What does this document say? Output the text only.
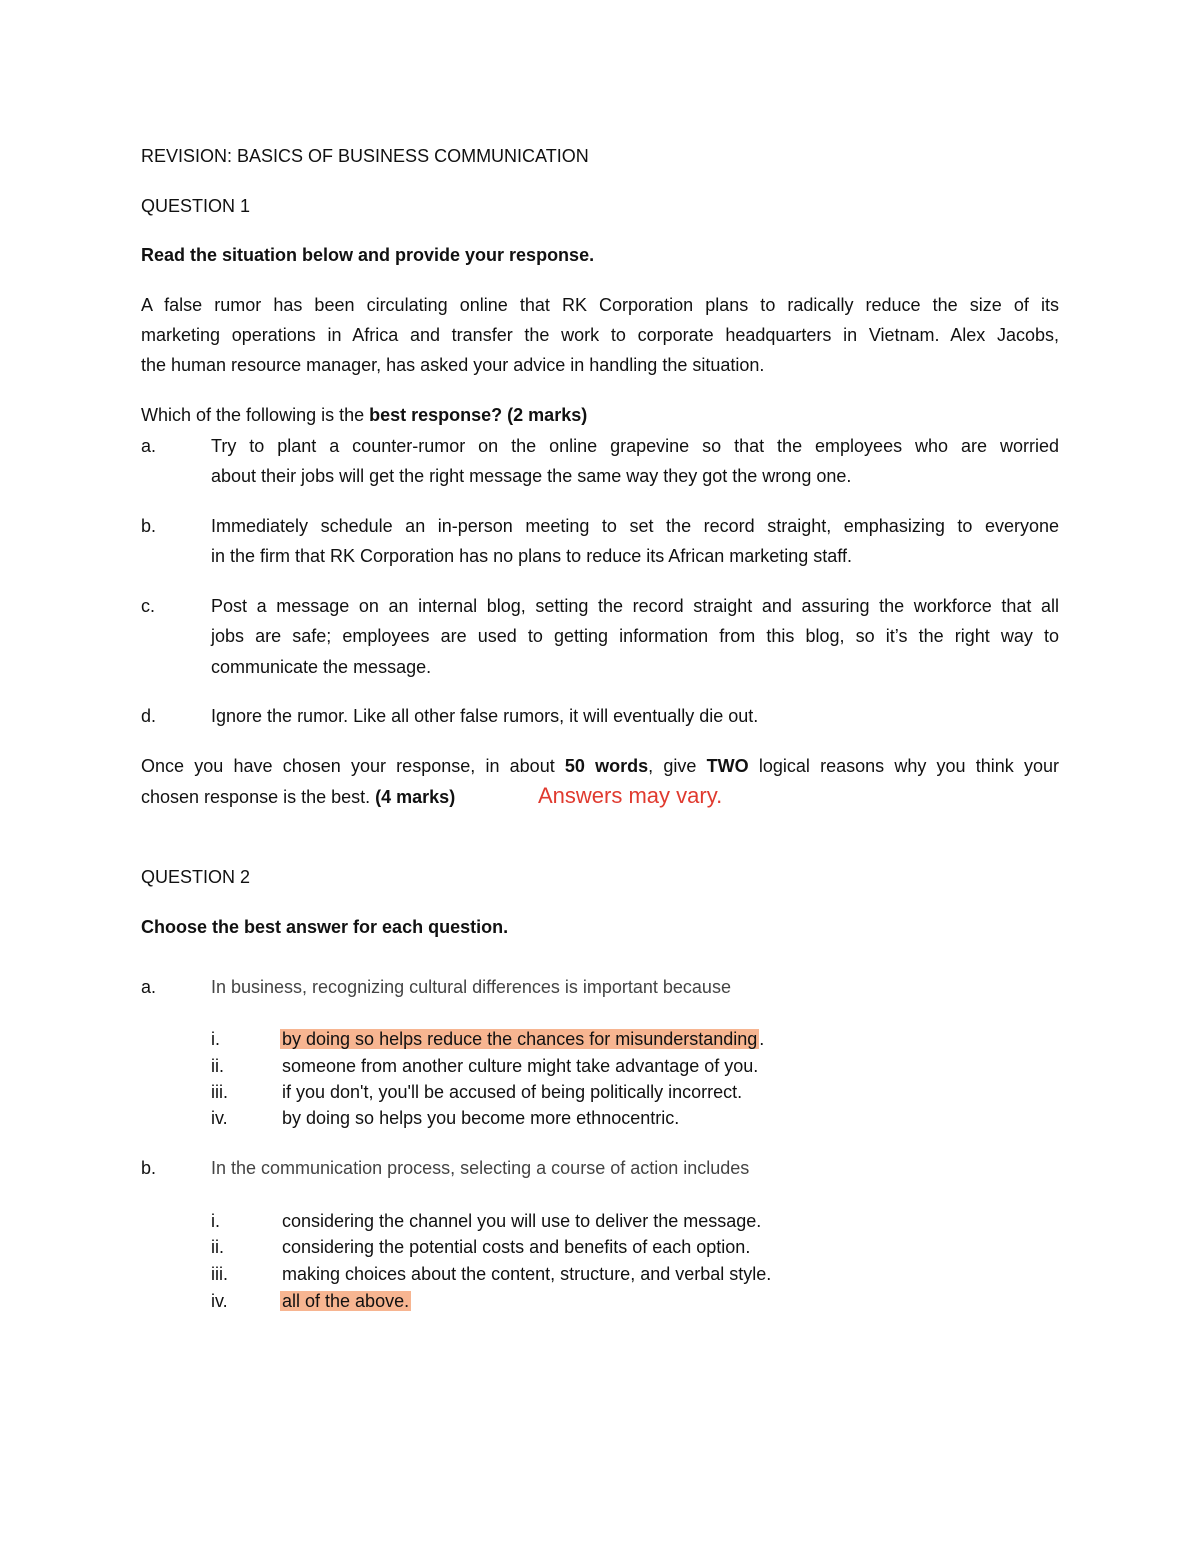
REVISION: BASICS OF BUSINESS COMMUNICATION
QUESTION 1
Read the situation below and provide your response.
A false rumor has been circulating online that RK Corporation plans to radically reduce the size of its
marketing operations in Africa and transfer the work to corporate headquarters in Vietnam. Alex Jacobs,
the human resource manager, has asked your advice in handling the situation.
Which of the following is the best response? (2 marks)
a.	Try to plant a counter-rumor on the online grapevine so that the employees who are worried
about their jobs will get the right message the same way they got the wrong one.
b.	Immediately schedule an in-person meeting to set the record straight, emphasizing to everyone
in the firm that RK Corporation has no plans to reduce its African marketing staff.
c.	Post a message on an internal blog, setting the record straight and assuring the workforce that all
jobs are safe; employees are used to getting information from this blog, so it’s the right way to
communicate the message.
d.	Ignore the rumor. Like all other false rumors, it will eventually die out.
Once you have chosen your response, in about 50 words, give TWO logical reasons why you think your
chosen response is the best. (4 marks)	Answers may vary.
QUESTION 2
Choose the best answer for each question.
a.	In business, recognizing cultural differences is important because
i.	by doing so helps reduce the chances for misunderstanding .
ii.	someone from another culture might take advantage of you.
iii.	if you don't, you'll be accused of being politically incorrect.
iv.	by doing so helps you become more ethnocentric.
b.	In the communication process, selecting a course of action includes
i.	considering the channel you will use to deliver the message.
ii.	considering the potential costs and benefits of each option.
iii.	making choices about the content, structure, and verbal style.
iv.	all of the above.
